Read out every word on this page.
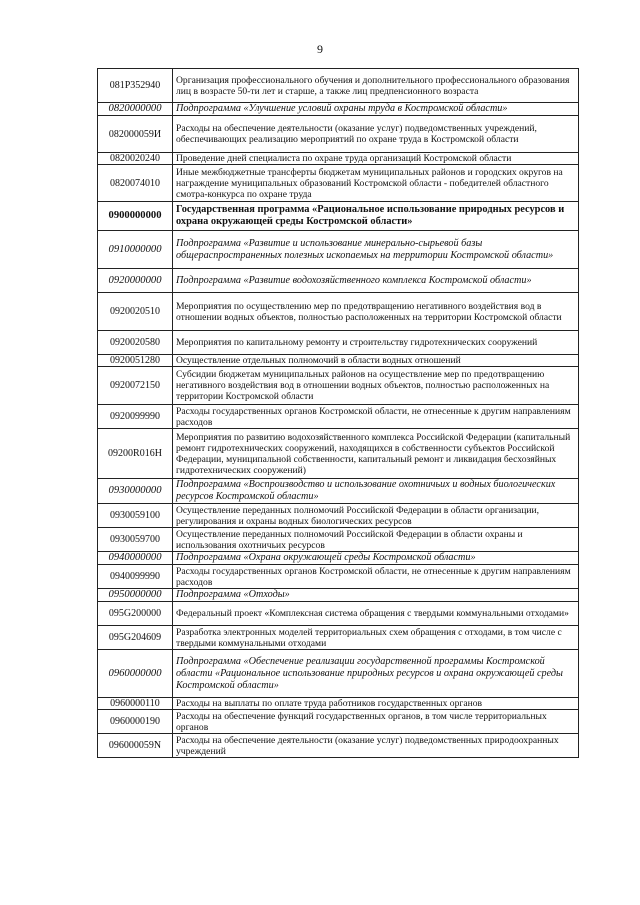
9
081P352940	Организация профессионального обучения и дополнительного профессионального образования лиц в возрасте 50-ти лет и старше, а также лиц предпенсионного возраста
0820000000	Подпрограмма «Улучшение условий охраны труда в Костромской области»
082000059И	Расходы на обеспечение деятельности (оказание услуг) подведомственных учреждений, обеспечивающих реализацию мероприятий по охране труда в Костромской области
0820020240	Проведение дней специалиста по охране труда организаций Костромской области
0820074010	Иные межбюджетные трансферты бюджетам муниципальных районов и городских округов на награждение муниципальных образований Костромской области - победителей областного смотра-конкурса по охране труда
0900000000	Государственная программа «Рациональное использование природных ресурсов и охрана окружающей среды Костромской области»
0910000000	Подпрограмма «Развитие и использование минерально-сырьевой базы общераспространенных полезных ископаемых на территории Костромской области»
0920000000	Подпрограмма «Развитие водохозяйственного комплекса Костромской области»
0920020510	Мероприятия по осуществлению мер по предотвращению негативного воздействия вод в отношении водных объектов, полностью расположенных на территории Костромской области
0920020580	Мероприятия по капитальному ремонту и строительству гидротехнических сооружений
0920051280	Осуществление отдельных полномочий в области водных отношений
0920072150	Субсидии бюджетам муниципальных районов на осуществление мер по предотвращению негативного воздействия вод в отношении водных объектов, полностью расположенных на территории Костромской области
0920099990	Расходы государственных органов Костромской области, не отнесенные к другим направлениям расходов
09200R016Н	Мероприятия по развитию водохозяйственного комплекса Российской Федерации (капитальный ремонт гидротехнических сооружений, находящихся в собственности субъектов Российской Федерации, муниципальной собственности, капитальный ремонт и ликвидация бесхозяйных гидротехнических сооружений)
0930000000	Подпрограмма «Воспроизводство и использование охотничьих и водных биологических ресурсов Костромской области»
0930059100	Осуществление переданных полномочий Российской Федерации в области организации, регулирования и охраны водных биологических ресурсов
0930059700	Осуществление переданных полномочий Российской Федерации в области охраны и использования охотничьих ресурсов
0940000000	Подпрограмма «Охрана окружающей среды Костромской области»
0940099990	Расходы государственных органов Костромской области, не отнесенные к другим направлениям расходов
0950000000	Подпрограмма «Отходы»
095G200000	Федеральный проект «Комплексная система обращения с твердыми коммунальными отходами»
095G204609	Разработка электронных моделей территориальных схем обращения с отходами, в том числе с твердыми коммунальными отходами
0960000000	Подпрограмма «Обеспечение реализации государственной программы Костромской области «Рациональное использование природных ресурсов и охрана окружающей среды Костромской области»
0960000110	Расходы на выплаты по оплате труда работников государственных органов
0960000190	Расходы на обеспечение функций государственных органов, в том числе территориальных органов
096000059N	Расходы на обеспечение деятельности (оказание услуг) подведомственных природоохранных учреждений
